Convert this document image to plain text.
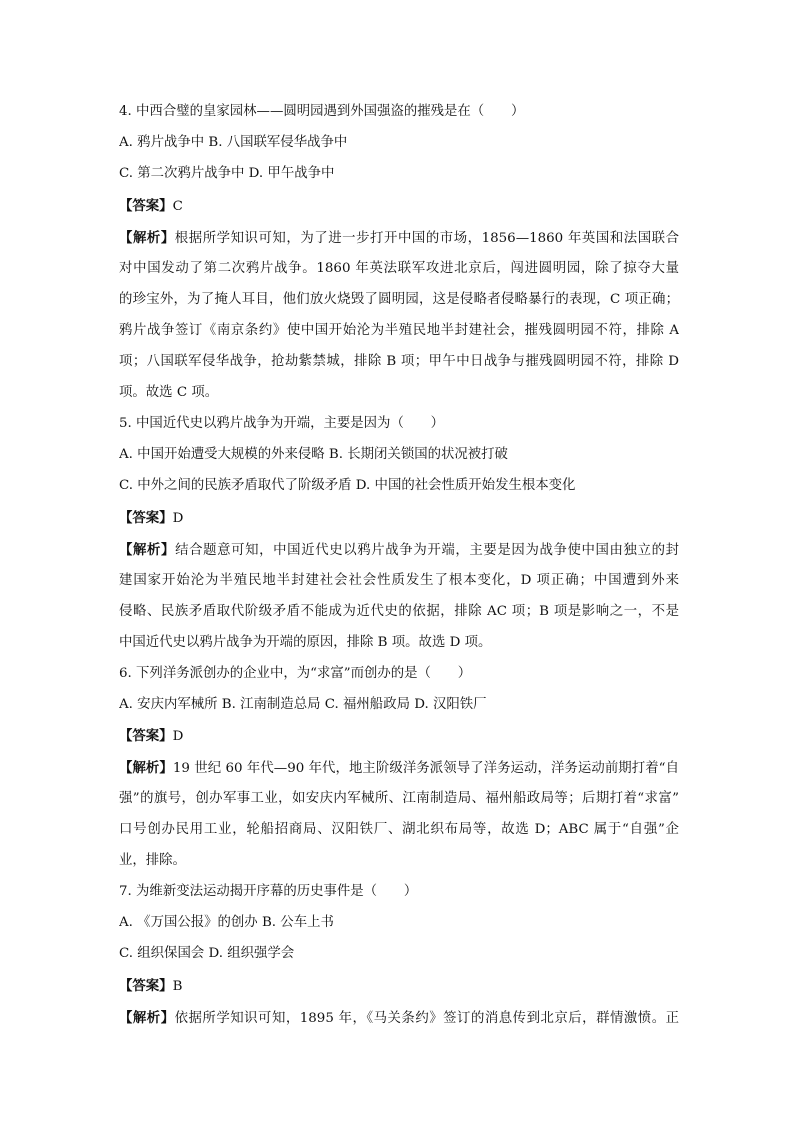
4. 中西合璧的皇家园林——圆明园遇到外国强盗的摧残是在（　　）
A. 鸦片战争中 B. 八国联军侵华战争中
C. 第二次鸦片战争中 D. 甲午战争中
【答案】C
【解析】根据所学知识可知，为了进一步打开中国的市场，1856—1860 年英国和法国联合
对中国发动了第二次鸦片战争。1860 年英法联军攻进北京后，闯进圆明园，除了掠夺大量
的珍宝外，为了掩人耳目，他们放火烧毁了圆明园，这是侵略者侵略暴行的表现，C 项正确；
鸦片战争签订《南京条约》使中国开始沦为半殖民地半封建社会，摧残圆明园不符，排除 A
项；八国联军侵华战争，抢劫紫禁城，排除 B 项；甲午中日战争与摧残圆明园不符，排除 D
项。故选 C 项。
5. 中国近代史以鸦片战争为开端，主要是因为（　　）
A. 中国开始遭受大规模的外来侵略 B. 长期闭关锁国的状况被打破
C. 中外之间的民族矛盾取代了阶级矛盾 D. 中国的社会性质开始发生根本变化
【答案】D
【解析】结合题意可知，中国近代史以鸦片战争为开端，主要是因为战争使中国由独立的封
建国家开始沦为半殖民地半封建社会社会性质发生了根本变化，D 项正确；中国遭到外来
侵略、民族矛盾取代阶级矛盾不能成为近代史的依据，排除 AC 项；B 项是影响之一，不是
中国近代史以鸦片战争为开端的原因，排除 B 项。故选 D 项。
6. 下列洋务派创办的企业中，为“求富”而创办的是（　　）
A. 安庆内军械所 B. 江南制造总局 C. 福州船政局 D. 汉阳铁厂
【答案】D
【解析】19 世纪 60 年代—90 年代，地主阶级洋务派领导了洋务运动，洋务运动前期打着“自
强”的旗号，创办军事工业，如安庆内军械所、江南制造局、福州船政局等；后期打着“求富”
口号创办民用工业，轮船招商局、汉阳铁厂、湖北织布局等，故选 D；ABC 属于“自强”企
业，排除。
7. 为维新变法运动揭开序幕的历史事件是（　　）
A. 《万国公报》的创办 B. 公车上书
C. 组织保国会 D. 组织强学会
【答案】B
【解析】依据所学知识可知，1895 年，《马关条约》签订的消息传到北京后，群情激愤。正
